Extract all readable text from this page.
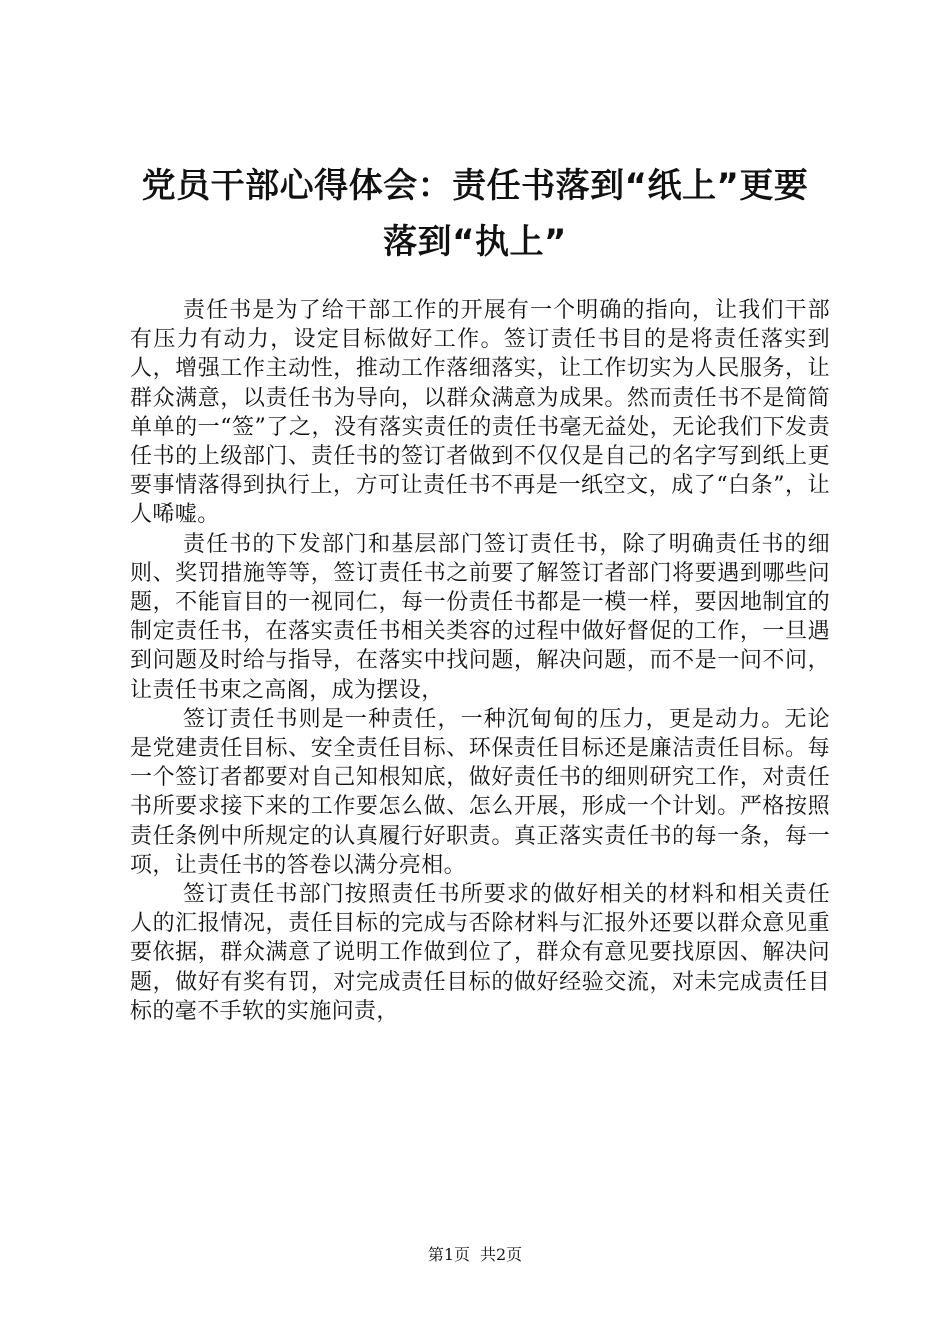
党员干部心得体会：责任书落到“纸上”更要
落到“执上”

责任书是为了给干部工作的开展有一个明确的指向，让我们干部有压力有动力，设定目标做好工作。签订责任书目的是将责任落实到人，增强工作主动性，推动工作落细落实，让工作切实为人民服务，让群众满意，以责任书为导向，以群众满意为成果。然而责任书不是简简单单的一“签”了之，没有落实责任的责任书毫无益处，无论我们下发责任书的上级部门、责任书的签订者做到不仅仅是自己的名字写到纸上更要事情落得到执行上，方可让责任书不再是一纸空文，成了“白条”，让人唏嘘。

责任书的下发部门和基层部门签订责任书，除了明确责任书的细则、奖罚措施等等，签订责任书之前要了解签订者部门将要遇到哪些问题，不能盲目的一视同仁，每一份责任书都是一模一样，要因地制宜的制定责任书，在落实责任书相关类容的过程中做好督促的工作，一旦遇到问题及时给与指导，在落实中找问题，解决问题，而不是一问不问，让责任书束之高阁，成为摆设，

签订责任书则是一种责任，一种沉甸甸的压力，更是动力。无论是党建责任目标、安全责任目标、环保责任目标还是廉洁责任目标。每一个签订者都要对自己知根知底，做好责任书的细则研究工作，对责任书所要求接下来的工作要怎么做、怎么开展，形成一个计划。严格按照责任条例中所规定的认真履行好职责。真正落实责任书的每一条，每一项，让责任书的答卷以满分亮相。

签订责任书部门按照责任书所要求的做好相关的材料和相关责任人的汇报情况，责任目标的完成与否除材料与汇报外还要以群众意见重要依据，群众满意了说明工作做到位了，群众有意见要找原因、解决问题，做好有奖有罚，对完成责任目标的做好经验交流，对未完成责任目标的毫不手软的实施问责，

第1页 共2页
